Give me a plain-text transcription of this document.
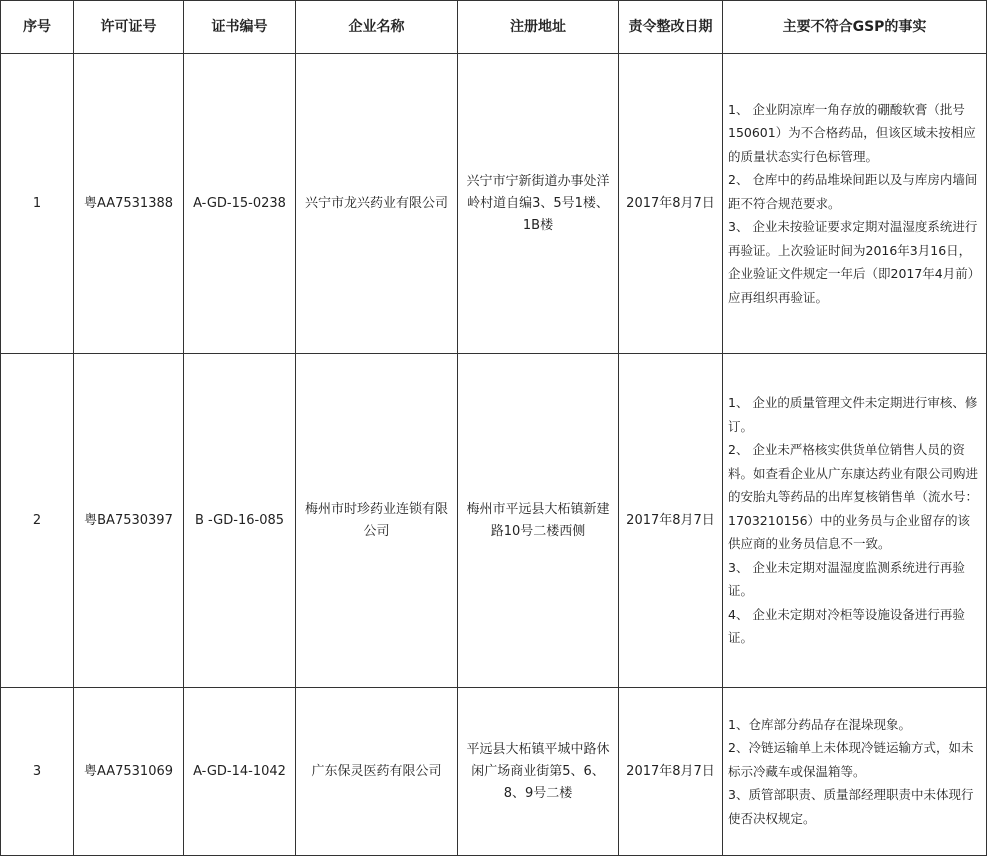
序号	许可证号	证书编号	企业名称	注册地址	责令整改日期	主要不符合GSP的事实
1	粤AA7531388	A-GD-15-0238	兴宁市龙兴药业有限公司	兴宁市宁新街道办事处洋岭村道自编3、5号1楼、1B楼	2017年8月7日	1、 企业阴凉库一角存放的硼酸软膏（批号150601）为不合格药品，但该区域未按相应的质量状态实行色标管理。
2、 仓库中的药品堆垛间距以及与库房内墙间距不符合规范要求。
3、 企业未按验证要求定期对温湿度系统进行再验证。上次验证时间为2016年3月16日，企业验证文件规定一年后（即2017年4月前）应再组织再验证。

2	粤BA7530397	B -GD-16-085	梅州市时珍药业连锁有限公司	梅州市平远县大柘镇新建路10号二楼西侧	2017年8月7日	1、 企业的质量管理文件未定期进行审核、修订。
2、 企业未严格核实供货单位销售人员的资料。如查看企业从广东康达药业有限公司购进的安胎丸等药品的出库复核销售单（流水号：1703210156）中的业务员与企业留存的该供应商的业务员信息不一致。
3、 企业未定期对温湿度监测系统进行再验证。
4、 企业未定期对冷柜等设施设备进行再验证。

3	粤AA7531069	A-GD-14-1042	广东保灵医药有限公司	平远县大柘镇平城中路休闲广场商业街第5、6、8、9号二楼	2017年8月7日	1、仓库部分药品存在混垛现象。
2、冷链运输单上未体现冷链运输方式，如未标示冷藏车或保温箱等。
3、质管部职责、质量部经理职责中未体现行使否决权规定。
